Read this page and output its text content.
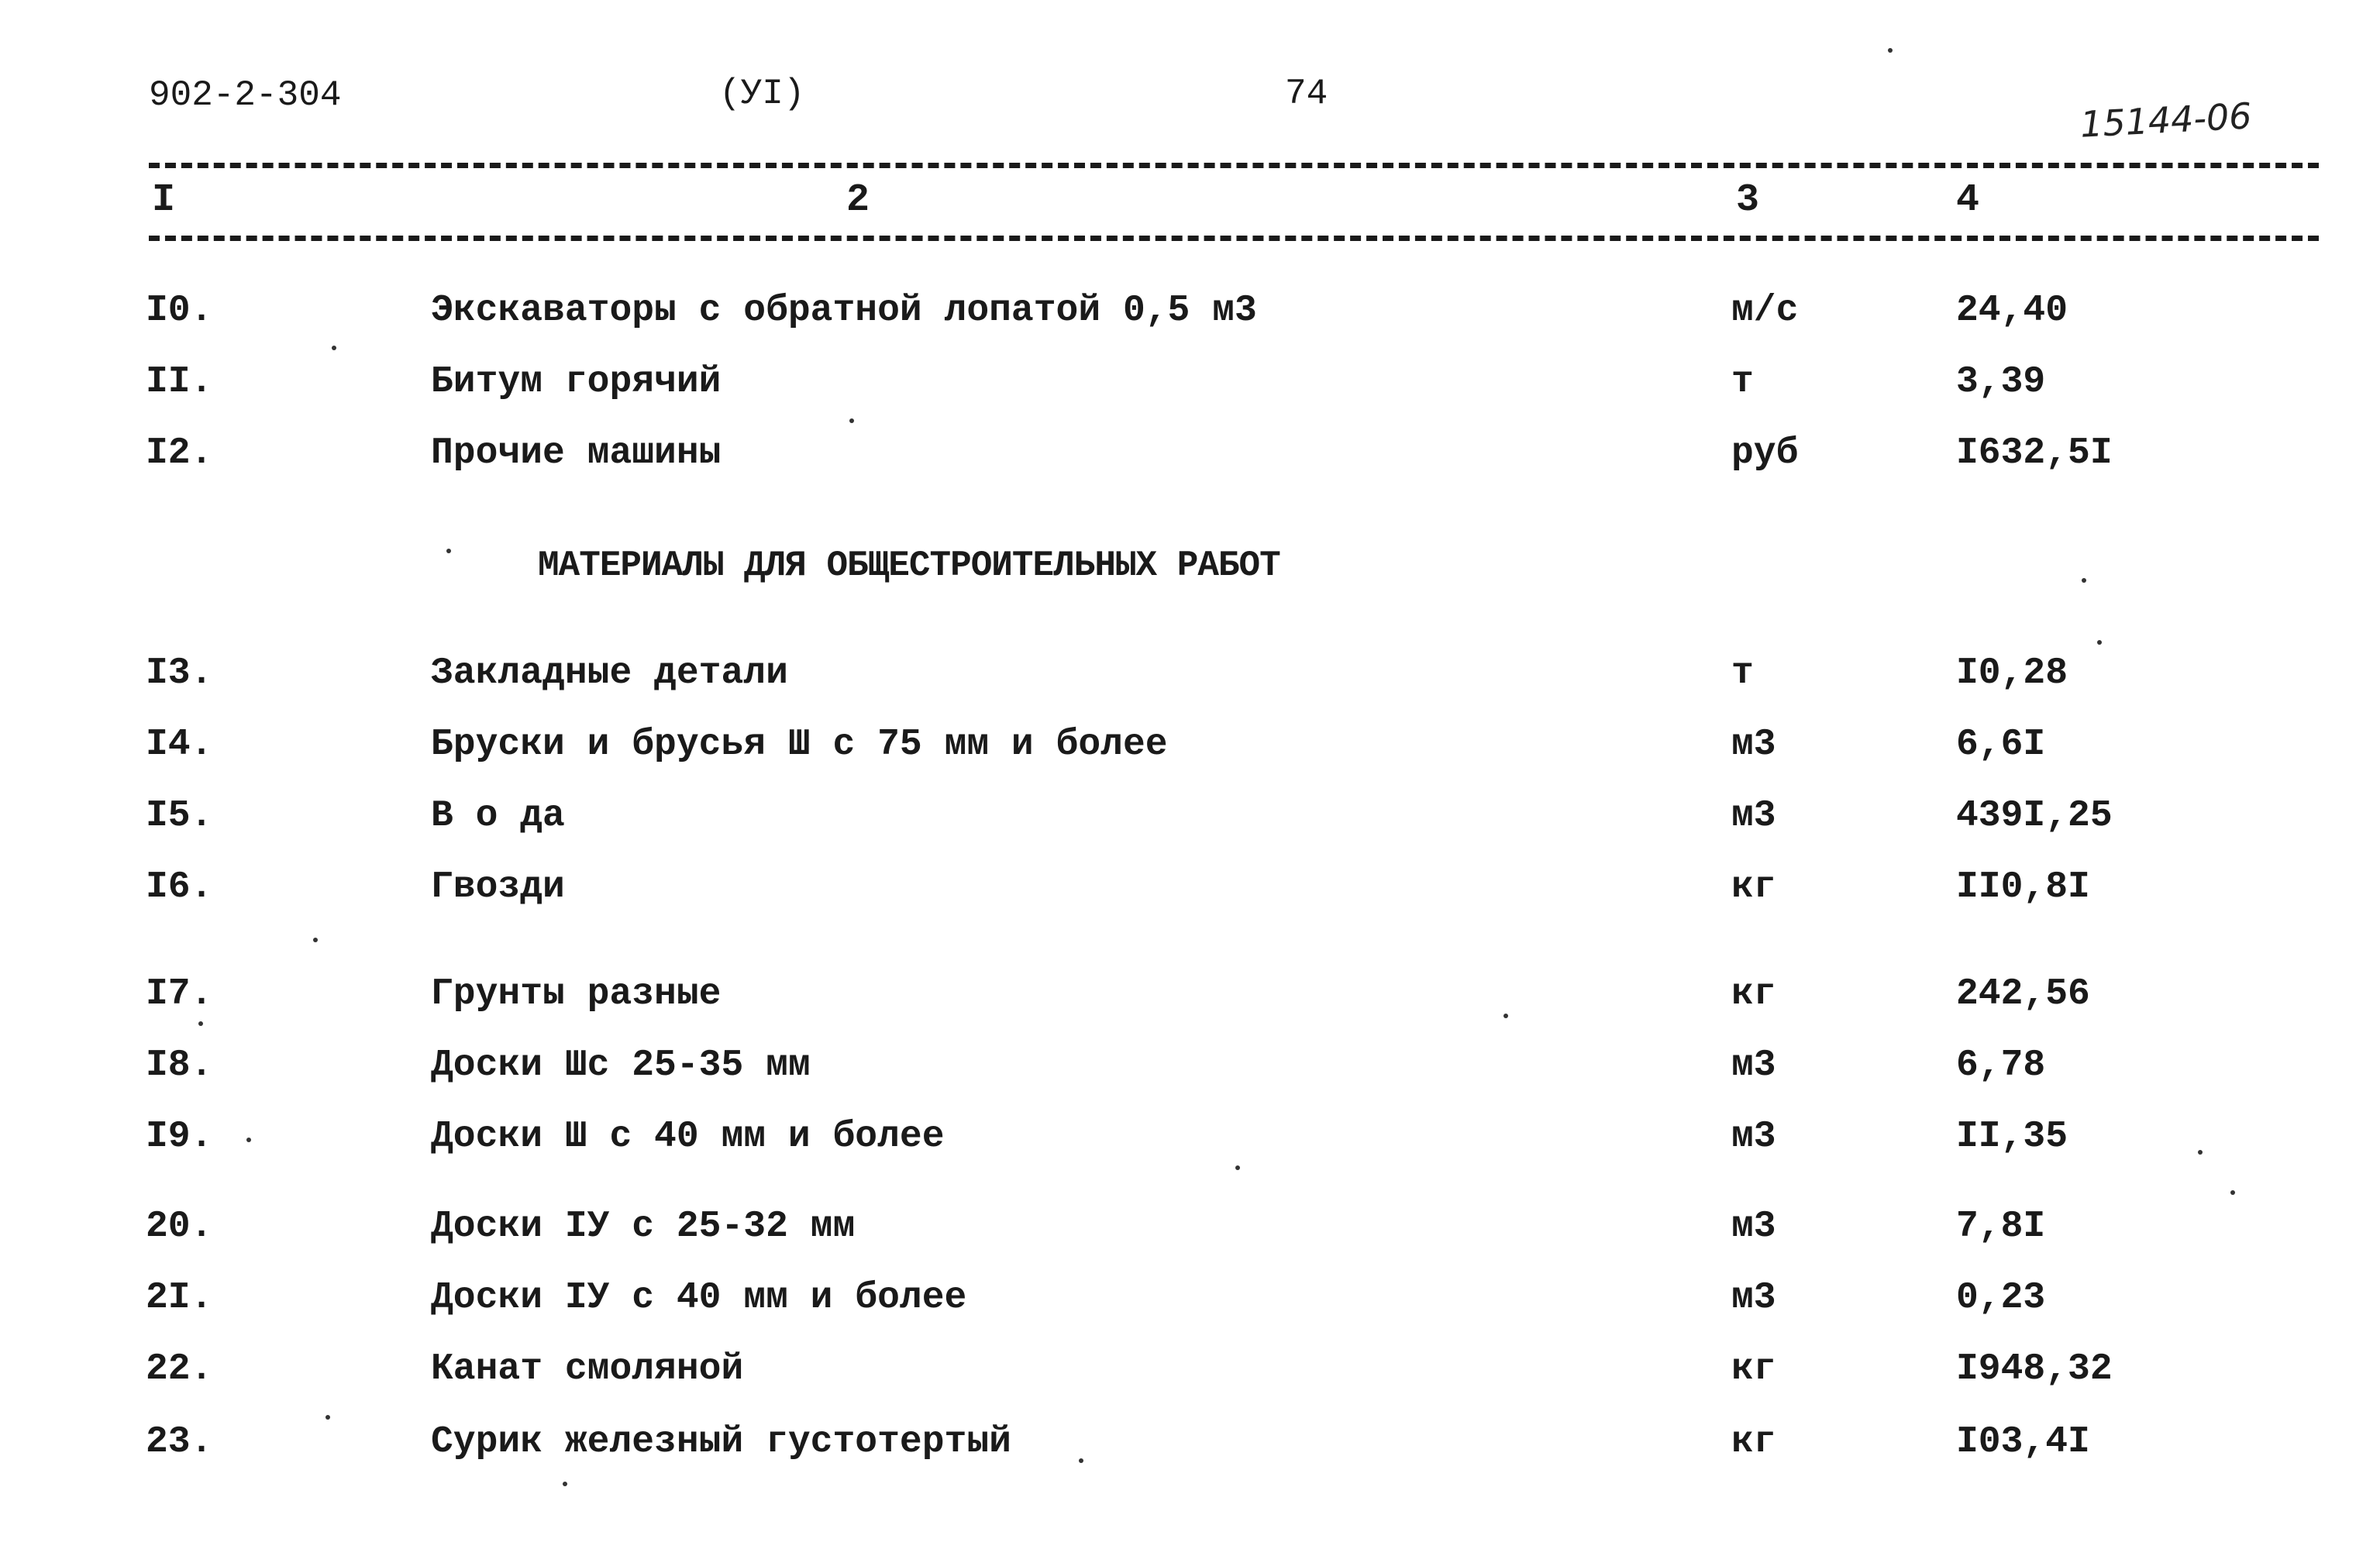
902-2-304	(УI)	74
15144-06
I	2	3	4
I0.	Экскаваторы с обратной лопатой 0,5 м3	м/с	24,40
II.	Битум горячий	т	3,39
I2.	Прочие машины	руб	I632,5I
МАТЕРИАЛЫ ДЛЯ ОБЩЕСТРОИТЕЛЬНЫХ РАБОТ
I3.	Закладные детали	т	I0,28
I4.	Бруски и брусья Ш с 75 мм и более	м3	6,6I
I5.	В о да	м3	439I,25
I6.	Гвозди	кг	II0,8I
I7.	Грунты разные	кг	242,56
I8.	Доски Шс 25-35 мм	м3	6,78
I9.	Доски Ш с 40 мм и более	м3	II,35
20.	Доски IУ с 25-32 мм	м3	7,8I
2I.	Доски IУ с 40 мм и более	м3	0,23
22.	Канат смоляной	кг	I948,32
23.	Сурик железный густотертый	кг	I03,4I
